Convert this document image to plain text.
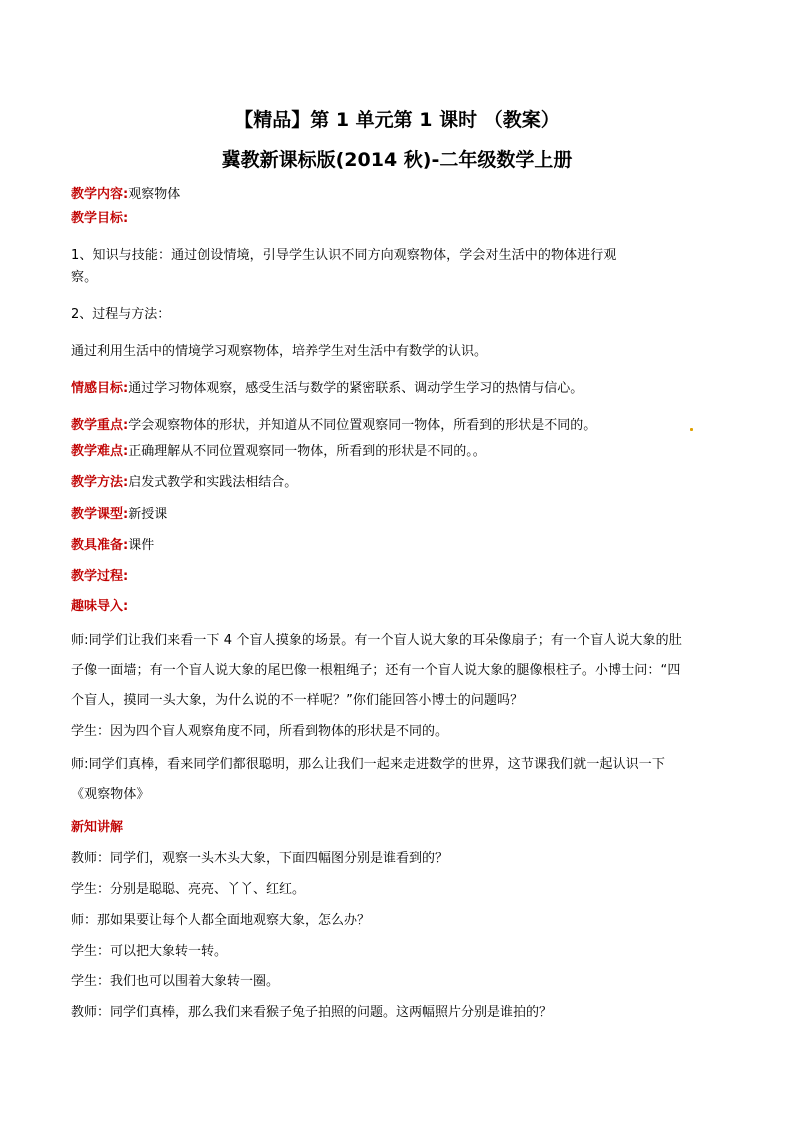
【精品】第 1 单元第 1 课时 （教案）
冀教新课标版(2014 秋)-二年级数学上册
教学内容:观察物体
教学目标:
1、知识与技能：通过创设情境，引导学生认识不同方向观察物体，学会对生活中的物体进行观
察。
2、过程与方法：
通过利用生活中的情境学习观察物体，培养学生对生活中有数学的认识。
情感目标:通过学习物体观察，感受生活与数学的紧密联系、调动学生学习的热情与信心。
教学重点:学会观察物体的形状，并知道从不同位置观察同一物体，所看到的形状是不同的。
教学难点:正确理解从不同位置观察同一物体，所看到的形状是不同的。。
教学方法:启发式教学和实践法相结合。
教学课型:新授课
教具准备:课件
教学过程:
趣味导入:
师:同学们让我们来看一下 4 个盲人摸象的场景。有一个盲人说大象的耳朵像扇子；有一个盲人说大象的肚
子像一面墙；有一个盲人说大象的尾巴像一根粗绳子；还有一个盲人说大象的腿像根柱子。小博士问：“四
个盲人，摸同一头大象，为什么说的不一样呢？”你们能回答小博士的问题吗？
学生：因为四个盲人观察角度不同，所看到物体的形状是不同的。
师:同学们真棒，看来同学们都很聪明，那么让我们一起来走进数学的世界，这节课我们就一起认识一下
《观察物体》
新知讲解
教师：同学们，观察一头木头大象，下面四幅图分别是谁看到的？
学生：分别是聪聪、亮亮、丫丫、红红。
师：那如果要让每个人都全面地观察大象，怎么办？
学生：可以把大象转一转。
学生：我们也可以围着大象转一圈。
教师：同学们真棒，那么我们来看猴子兔子拍照的问题。这两幅照片分别是谁拍的？
